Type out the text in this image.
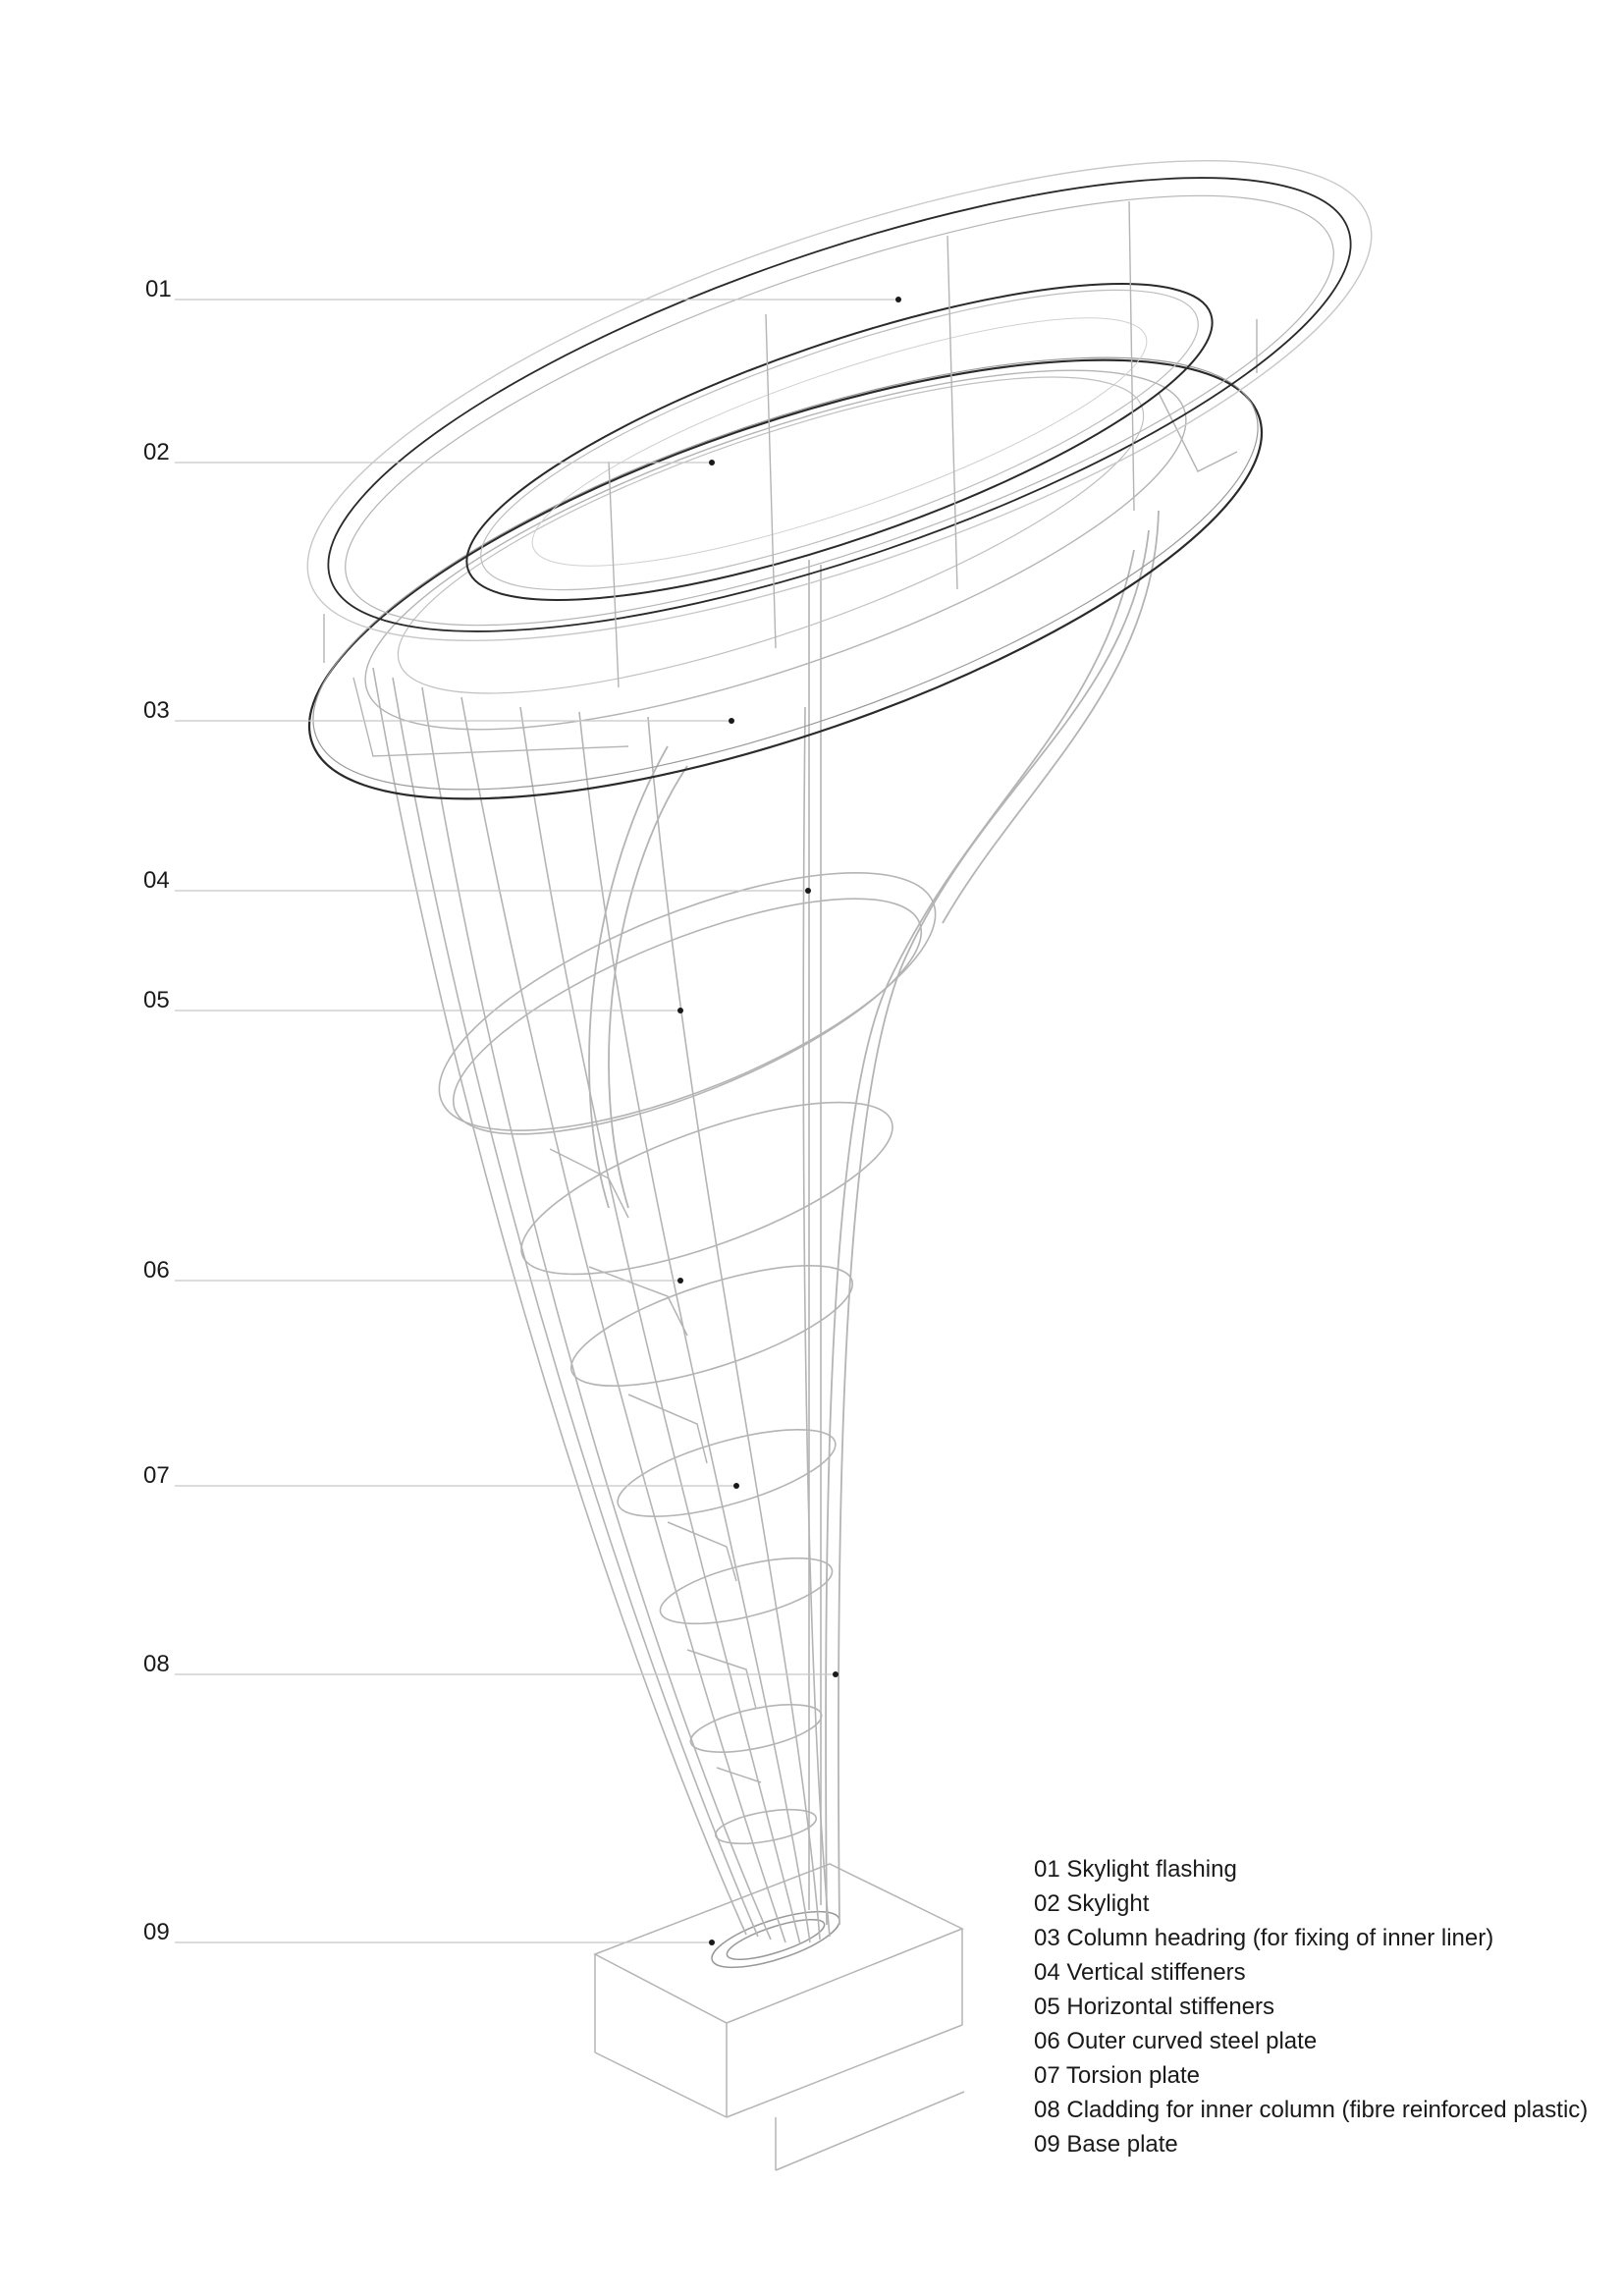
01
02
03
04
05
06
07
08
09
01 Skylight flashing
02 Skylight
03 Column headring (for fixing of inner liner)
04 Vertical stiffeners
05 Horizontal stiffeners
06 Outer curved steel plate
07 Torsion plate
08 Cladding for inner column (fibre reinforced plastic)
09 Base plate
